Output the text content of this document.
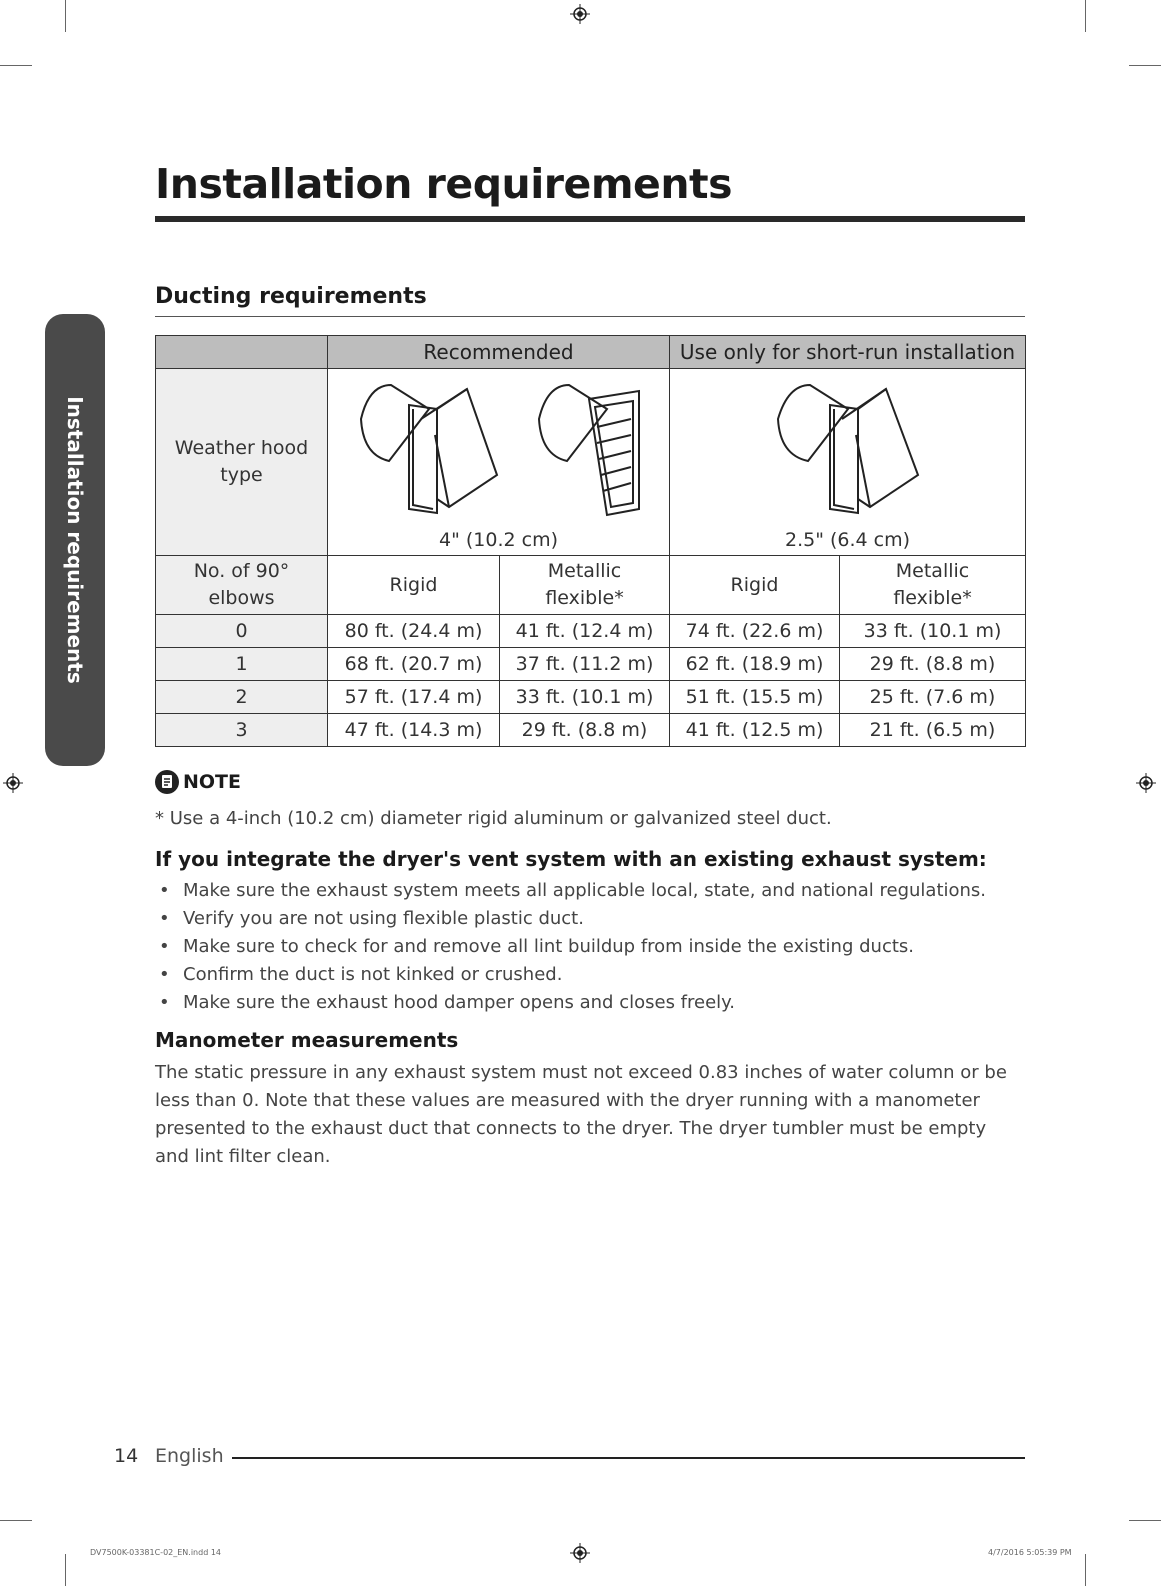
Installation requirements
Installation requirements
Ducting requirements
	Recommended		Use only for short-run installation	
Weather hood type	4" (10.2 cm)		2.5" (6.4 cm)	

No. of 90° elbows	Rigid	Metallic flexible*	Rigid	Metallic flexible*
0	80 ft. (24.4 m)	41 ft. (12.4 m)	74 ft. (22.6 m)	33 ft. (10.1 m)
1	68 ft. (20.7 m)	37 ft. (11.2 m)	62 ft. (18.9 m)	29 ft. (8.8 m)
2	57 ft. (17.4 m)	33 ft. (10.1 m)	51 ft. (15.5 m)	25 ft. (7.6 m)
3	47 ft. (14.3 m)	29 ft. (8.8 m)	41 ft. (12.5 m)	21 ft. (6.5 m)
NOTE
* Use a 4-inch (10.2 cm) diameter rigid aluminum or galvanized steel duct.
If you integrate the dryer's vent system with an existing exhaust system:
• Make sure the exhaust system meets all applicable local, state, and national regulations.
• Verify you are not using flexible plastic duct.
• Make sure to check for and remove all lint buildup from inside the existing ducts.
• Confirm the duct is not kinked or crushed.
• Make sure the exhaust hood damper opens and closes freely.
Manometer measurements

The static pressure in any exhaust system must not exceed 0.83 inches of water column or be less than 0. Note that these values are measured with the dryer running with a manometer presented to the exhaust duct that connects to the dryer. The dryer tumbler must be empty and lint filter clean.

14 English
DV7500K-03381C-02_EN.indd 14	4/7/2016 5:05:39 PM
